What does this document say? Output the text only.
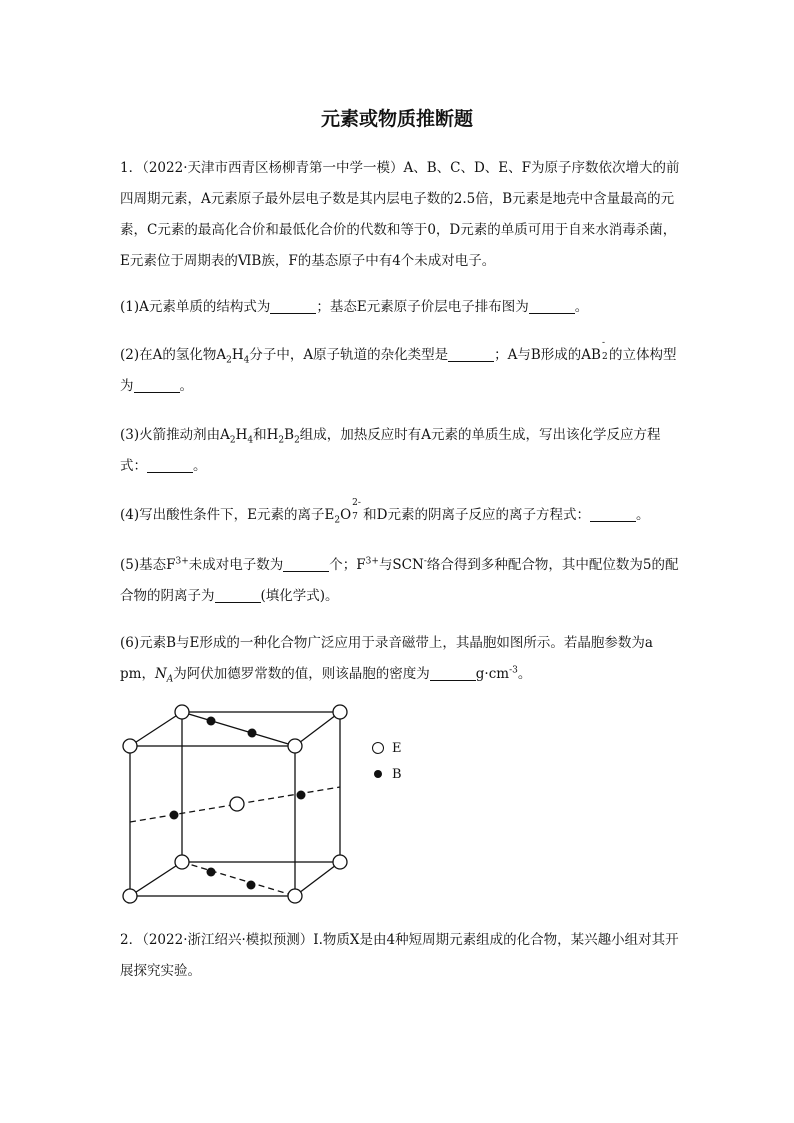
元素或物质推断题

1．（2022·天津市西青区杨柳青第一中学一模）A、B、C、D、E、F为原子序数依次增大的前四周期元素，A元素原子最外层电子数是其内层电子数的2.5倍，B元素是地壳中含量最高的元素，C元素的最高化合价和最低化合价的代数和等于0，D元素的单质可用于自来水消毒杀菌，E元素位于周期表的ⅥB族，F的基态原子中有4个未成对电子。

(1)A元素单质的结构式为	；基态E元素原子价层电子排布图为	。

(2)在A的氢化物$A_2H_4$分子中，A原子轨道的杂化类型是	；A与B形成的AB
-
2 的立体构型为	。

(3)火箭推动剂由$A_2H_4$和$H_2B_2$组成，加热反应时有A元素的单质生成，写出该化学反应方程式：	。

(4)写出酸性条件下，E元素的离子$E_2O$
2-
7 和D元素的阴离子反应的离子方程式：	。

(5)基态$F^{3+}$未成对电子数为	个；$F^{3+}$与SCN-络合得到多种配合物，其中配位数为5的配合物的阴离子为	(填化学式)。

(6)元素B与E形成的一种化合物广泛应用于录音磁带上，其晶胞如图所示。若晶胞参数为a pm，$N_A$为阿伏加德罗常数的值，则该晶胞的密度为	$g\cdot cm^{-3}$。

E
B

2．（2022·浙江绍兴·模拟预测）I.物质X是由4种短周期元素组成的化合物，某兴趣小组对其开展探究实验。
